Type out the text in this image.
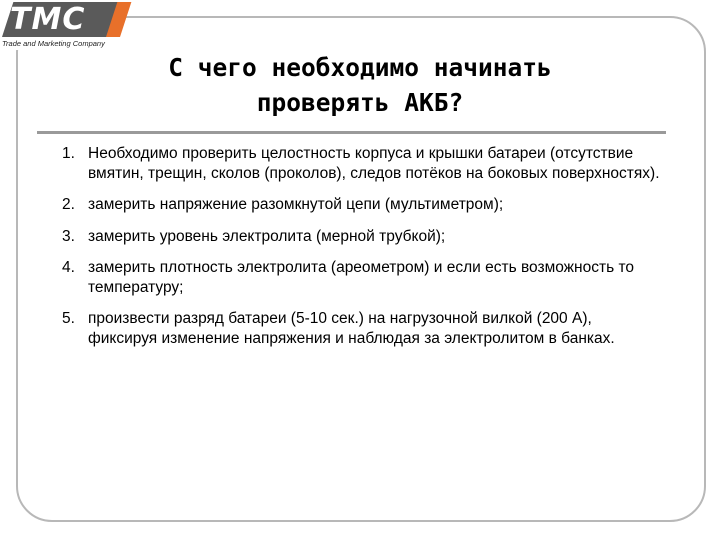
TMC
Trade and Marketing Company
С чего необходимо начинать
проверять АКБ?
1. Необходимо проверить целостность корпуса и крышки батареи (отсутствие вмятин, трещин, сколов (проколов), следов потёков на боковых поверхностях).
2. замерить напряжение разомкнутой цепи (мультиметром);
3. замерить уровень электролита (мерной трубкой);
4. замерить плотность электролита (ареометром) и если есть возможность то температуру;
5. произвести разряд батареи (5-10 сек.) на нагрузочной вилкой (200 А), фиксируя изменение напряжения и наблюдая за электролитом в банках.
